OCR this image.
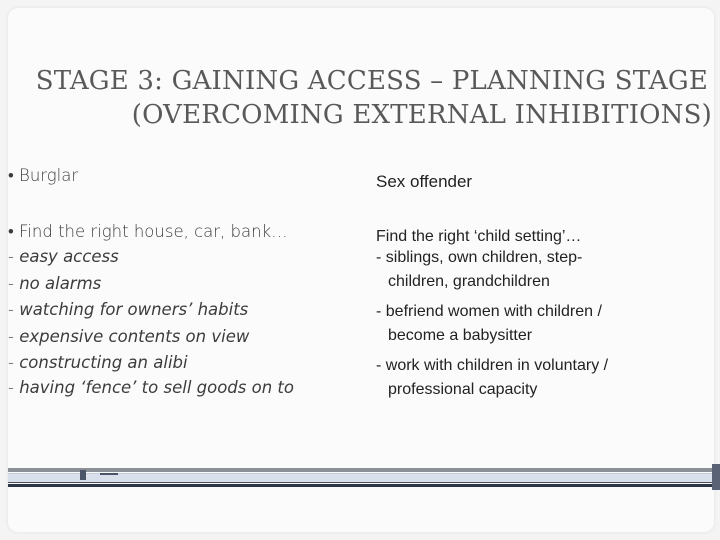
STAGE 3: GAINING ACCESS – PLANNING STAGE
(OVERCOMING EXTERNAL INHIBITIONS)
• Burglar
• Find the right house, car, bank…
- easy access
- no alarms
- watching for owners’ habits
- expensive contents on view
- constructing an alibi
- having ‘fence’ to sell goods on to
Sex offender
Find the right ‘child setting’…
- siblings, own children, step-
children, grandchildren
- befriend women with children /
become a babysitter
- work with children in voluntary /
professional capacity
